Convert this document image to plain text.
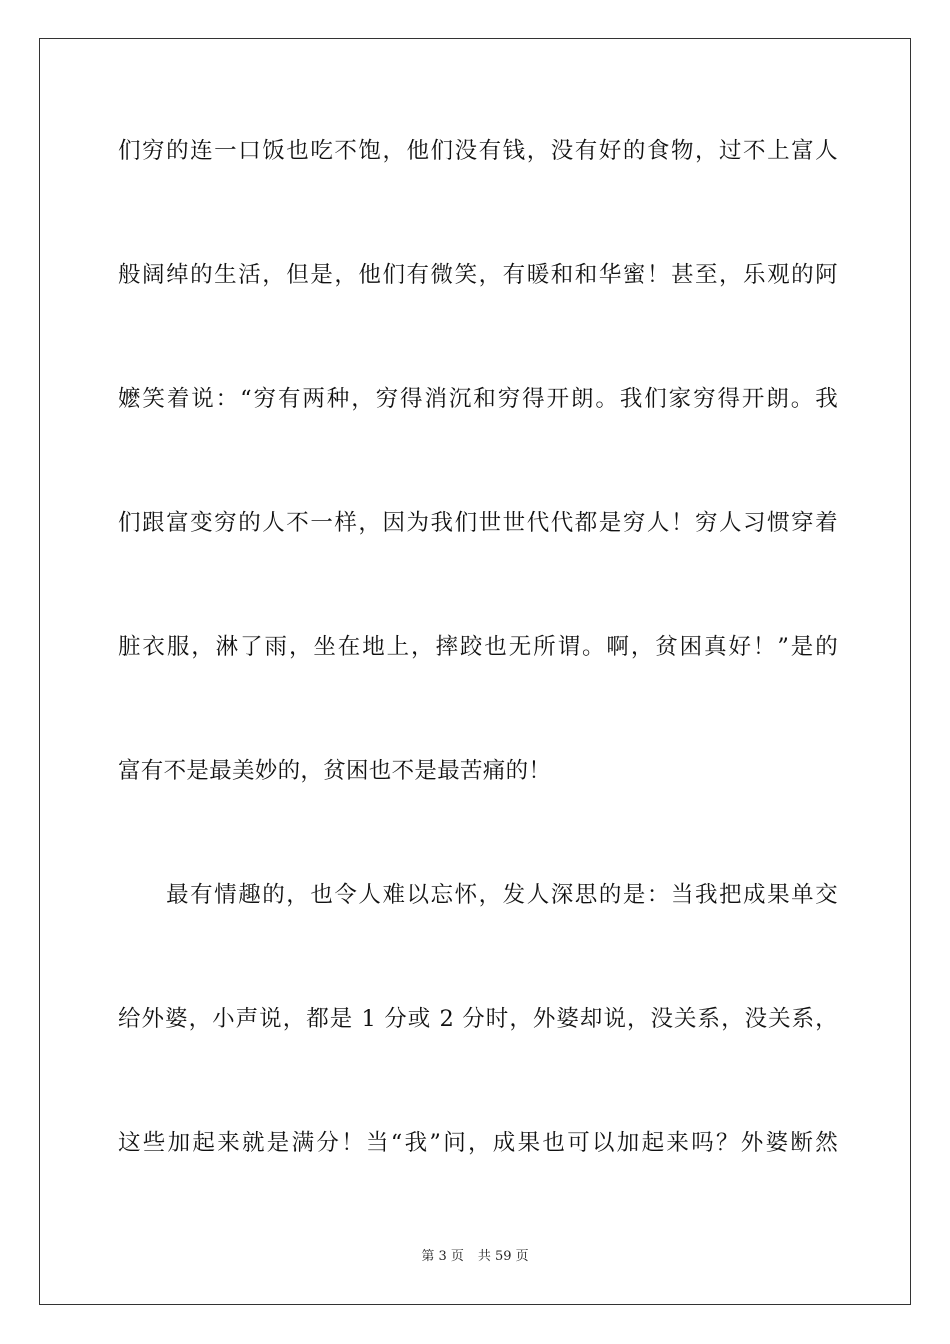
们穷的连一口饭也吃不饱，他们没有钱，没有好的食物，过不上富人
般阔绰的生活，但是，他们有微笑，有暖和和华蜜！甚至，乐观的阿
嬷笑着说：“穷有两种，穷得消沉和穷得开朗。我们家穷得开朗。我
们跟富变穷的人不一样，因为我们世世代代都是穷人！穷人习惯穿着
脏衣服，淋了雨，坐在地上，摔跤也无所谓。啊，贫困真好！”是的
富有不是最美妙的，贫困也不是最苦痛的！
　　最有情趣的，也令人难以忘怀，发人深思的是：当我把成果单交
给外婆，小声说，都是 1 分或 2 分时，外婆却说，没关系，没关系，
这些加起来就是满分！当“我”问，成果也可以加起来吗？外婆断然
第 3 页 共 59 页
